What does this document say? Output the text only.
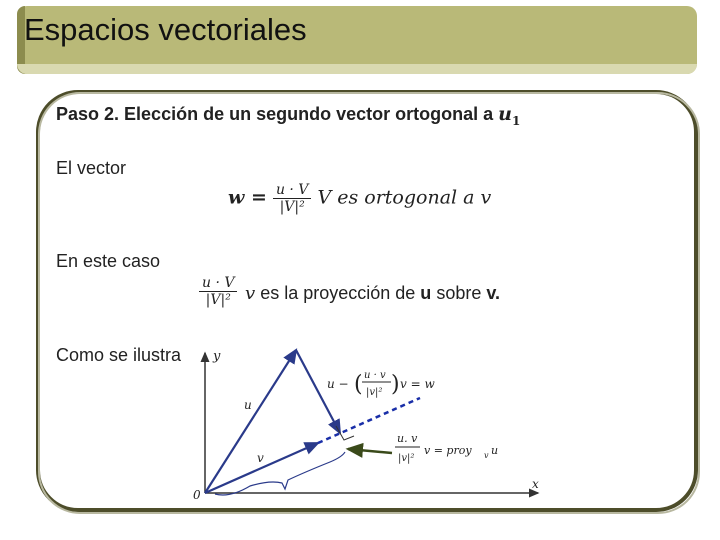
Espacios vectoriales
Paso 2. Elección de un segundo vector ortogonal a $u_1$
El vector
$w = \frac{u \cdot V}{\text{|V|²}}$ V es ortogonal a v
En este caso
$\frac{u \cdot V}{\text{|V|²}}$ v es la proyección de u sobre v.
Como se ilustra y
x
0
u
v
u − ( u · v
|v|² ) v = w
u. v
|v|²
v = proy v u
